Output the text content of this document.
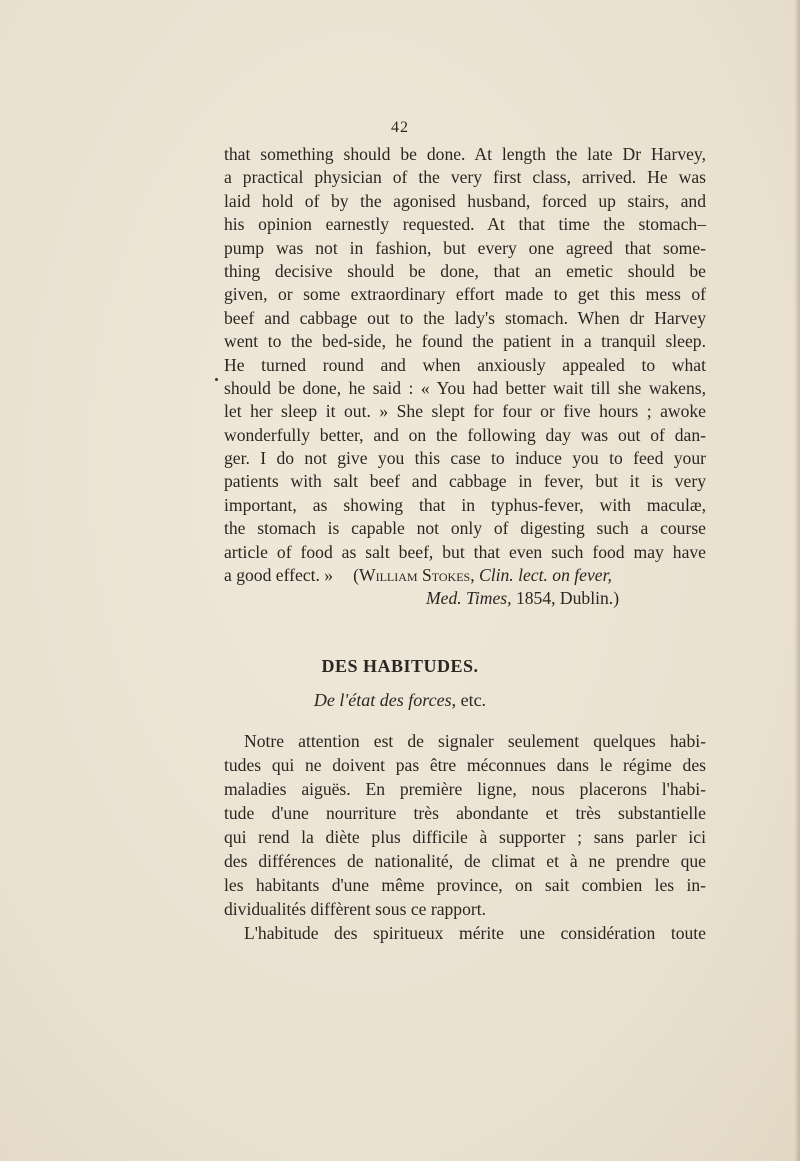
42
that something should be done. At length the late Dr Harvey,
a practical physician of the very first class, arrived. He was
laid hold of by the agonised husband, forced up stairs, and
his opinion earnestly requested. At that time the stomach–
pump was not in fashion, but every one agreed that some-
thing decisive should be done, that an emetic should be
given, or some extraordinary effort made to get this mess of
beef and cabbage out to the lady's stomach. When dr Harvey
went to the bed-side, he found the patient in a tranquil sleep.
He turned round and when anxiously appealed to what
should be done, he said : « You had better wait till she wakens,
let her sleep it out. » She slept for four or five hours ; awoke
wonderfully better, and on the following day was out of dan-
ger. I do not give you this case to induce you to feed your
patients with salt beef and cabbage in fever, but it is very
important, as showing that in typhus-fever, with maculæ,
the stomach is capable not only of digesting such a course
article of food as salt beef, but that even such food may have
a good effect. » (William Stokes, Clin. lect. on fever,
Med. Times, 1854, Dublin.)
DES HABITUDES.
De l'état des forces, etc.
Notre attention est de signaler seulement quelques habi-
tudes qui ne doivent pas être méconnues dans le régime des
maladies aiguës. En première ligne, nous placerons l'habi-
tude d'une nourriture très abondante et très substantielle
qui rend la diète plus difficile à supporter ; sans parler ici
des différences de nationalité, de climat et à ne prendre que
les habitants d'une même province, on sait combien les in-
dividualités diffèrent sous ce rapport.
L'habitude des spiritueux mérite une considération toute
